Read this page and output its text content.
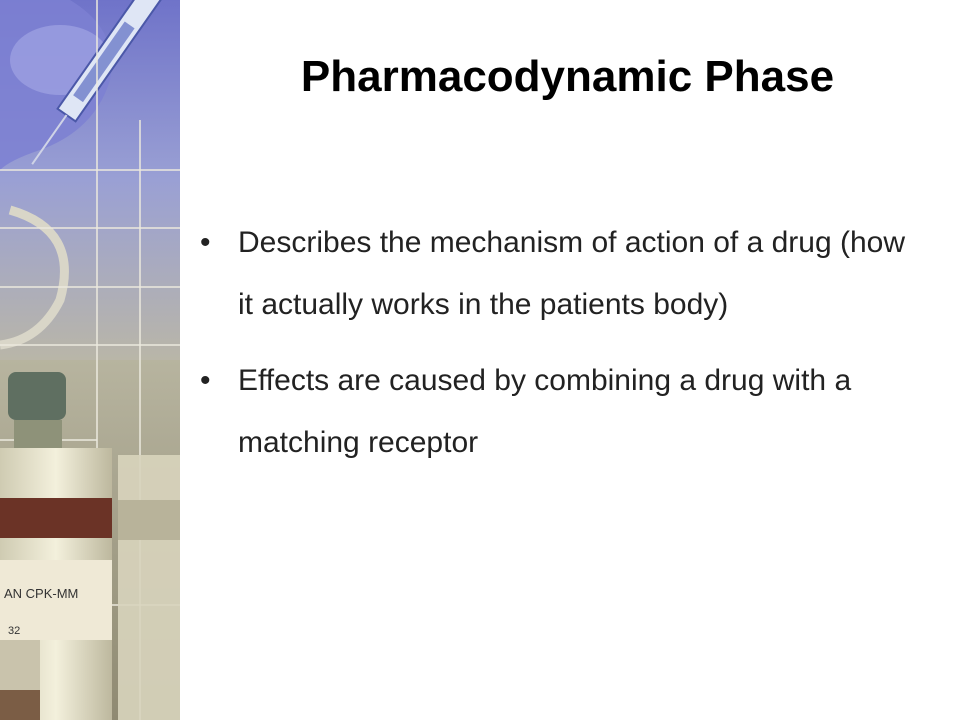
AN CPK-MM
32
Pharmacodynamic Phase
• Describes the mechanism of action of a drug (how it actually works in the patients body)
• Effects are caused by combining a drug with a matching receptor
